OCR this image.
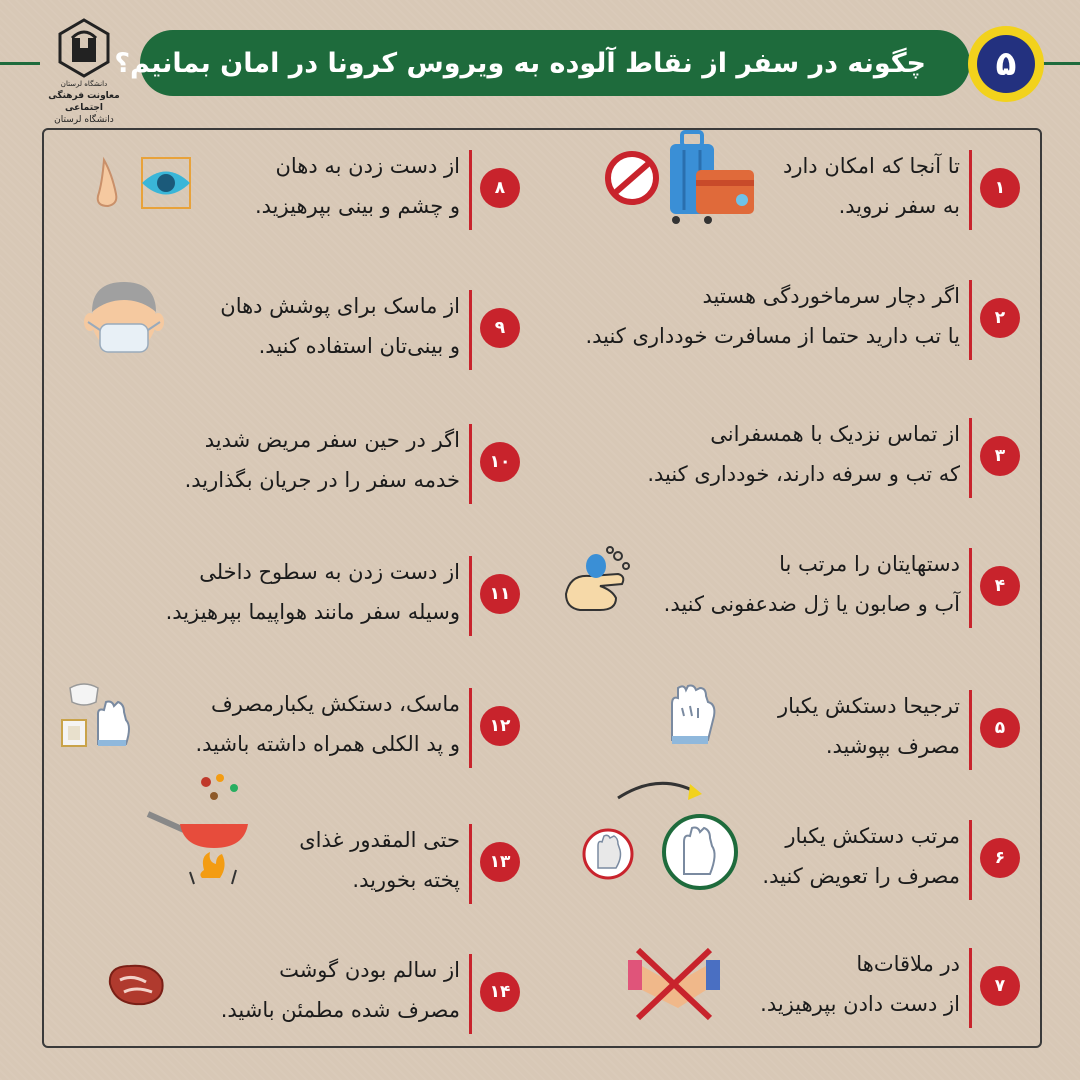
دانشگاه لرستان
معاونت فرهنگی اجتماعی
دانشگاه لرستان
چگونه در سفر از نقاط آلوده به ویروس کرونا در امان بمانیم؟	۵
۱
تا آنجا که امکان دارد
به سفر نروید.
۲
اگر دچار سرماخوردگی هستید
یا تب دارید حتما از مسافرت خودداری کنید.
۳
از تماس نزدیک با همسفرانی
که تب و سرفه دارند، خودداری کنید.
۴
دستهایتان را مرتب با
آب و صابون یا ژل ضدعفونی کنید.
۵
ترجیحا دستکش یکبار
مصرف بپوشید.
۶
مرتب دستکش یکبار
مصرف را تعویض کنید.
۷
در ملاقات‌ها
از دست دادن بپرهیزید.
۸
از دست زدن به دهان
و چشم و بینی بپرهیزید.
۹
از ماسک برای پوشش دهان
و بینی‌تان استفاده کنید.
۱۰
اگر در حین سفر مریض شدید
خدمه سفر را در جریان بگذارید.
۱۱
از دست زدن به سطوح داخلی
وسیله سفر مانند هواپیما بپرهیزید.
۱۲
ماسک، دستکش یکبارمصرف
و پد الکلی همراه داشته باشید.
۱۳
حتی المقدور غذای
پخته بخورید.
۱۴
از سالم بودن گوشت
مصرف شده مطمئن باشید.
